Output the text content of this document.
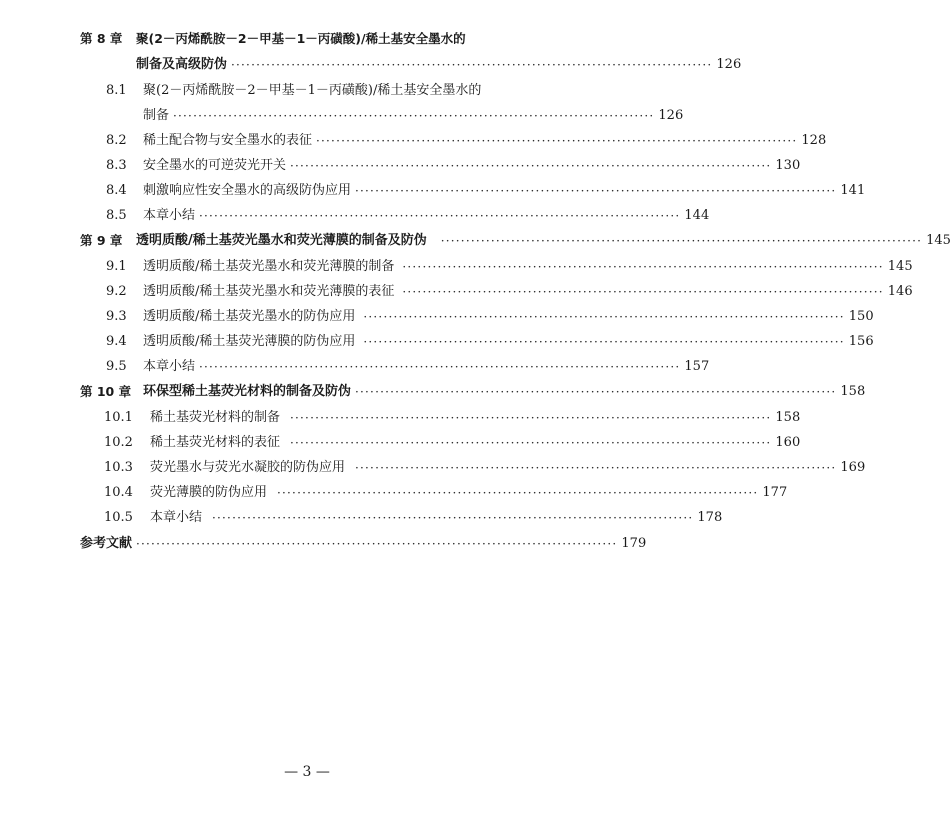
第 8 章 聚(2－丙烯酰胺－2－甲基－1－丙磺酸)/稀土基安全墨水的
制备及高级防伪 ································································································ 126
8.1 聚(2－丙烯酰胺－2－甲基－1－丙磺酸)/稀土基安全墨水的
制备 ································································································ 126
8.2 稀土配合物与安全墨水的表征 ································································································ 128
8.3 安全墨水的可逆荧光开关 ································································································ 130
8.4 刺激响应性安全墨水的高级防伪应用 ································································································ 141
8.5 本章小结 ································································································ 144
第 9 章 透明质酸/稀土基荧光墨水和荧光薄膜的制备及防伪 ································································································ 145
9.1 透明质酸/稀土基荧光墨水和荧光薄膜的制备 ································································································ 145
9.2 透明质酸/稀土基荧光墨水和荧光薄膜的表征 ································································································ 146
9.3 透明质酸/稀土基荧光墨水的防伪应用 ································································································ 150
9.4 透明质酸/稀土基荧光薄膜的防伪应用 ································································································ 156
9.5 本章小结 ································································································ 157
第 10 章 环保型稀土基荧光材料的制备及防伪 ································································································ 158
10.1 稀土基荧光材料的制备 ································································································ 158
10.2 稀土基荧光材料的表征 ································································································ 160
10.3 荧光墨水与荧光水凝胶的防伪应用 ································································································ 169
10.4 荧光薄膜的防伪应用 ································································································ 177
10.5 本章小结 ································································································ 178
参考文献 ································································································ 179
— 3 —
